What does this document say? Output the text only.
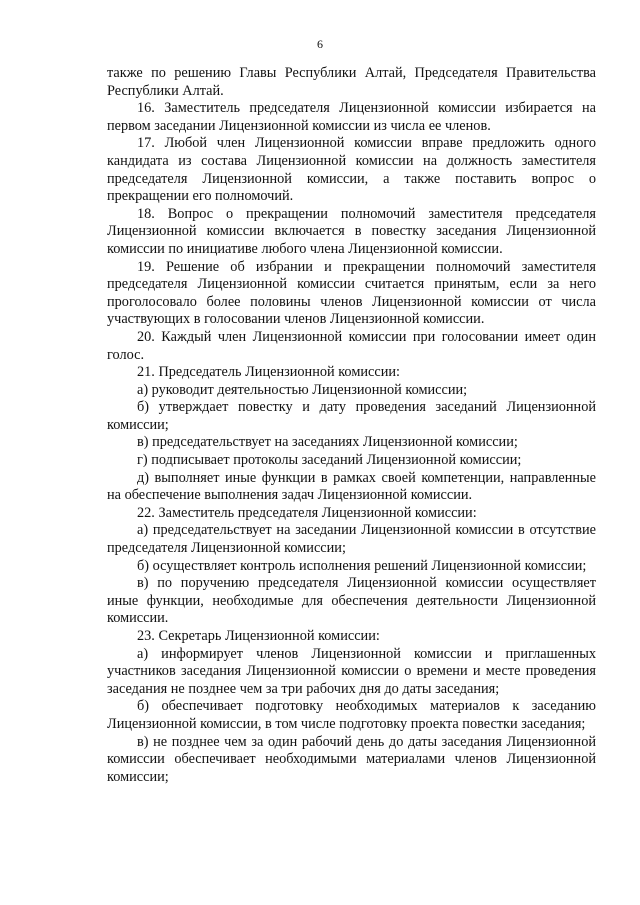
6

также по решению Главы Республики Алтай, Председателя Правительства Республики Алтай.

16. Заместитель председателя Лицензионной комиссии избирается на первом заседании Лицензионной комиссии из числа ее членов.

17. Любой член Лицензионной комиссии вправе предложить одного кандидата из состава Лицензионной комиссии на должность заместителя председателя Лицензионной комиссии, а также поставить вопрос о прекращении его полномочий.

18. Вопрос о прекращении полномочий заместителя председателя Лицензионной комиссии включается в повестку заседания Лицензионной комиссии по инициативе любого члена Лицензионной комиссии.

19. Решение об избрании и прекращении полномочий заместителя председателя Лицензионной комиссии считается принятым, если за него проголосовало более половины членов Лицензионной комиссии от числа участвующих в голосовании членов Лицензионной комиссии.

20. Каждый член Лицензионной комиссии при голосовании имеет один голос.

21. Председатель Лицензионной комиссии:

а) руководит деятельностью Лицензионной комиссии;

б) утверждает повестку и дату проведения заседаний Лицензионной комиссии;

в) председательствует на заседаниях Лицензионной комиссии;

г) подписывает протоколы заседаний Лицензионной комиссии;

д) выполняет иные функции в рамках своей компетенции, направленные на обеспечение выполнения задач Лицензионной комиссии.

22. Заместитель председателя Лицензионной комиссии:

а) председательствует на заседании Лицензионной комиссии в отсутствие председателя Лицензионной комиссии;

б) осуществляет контроль исполнения решений Лицензионной комиссии;

в) по поручению председателя Лицензионной комиссии осуществляет иные функции, необходимые для обеспечения деятельности Лицензионной комиссии.

23. Секретарь Лицензионной комиссии:

а) информирует членов Лицензионной комиссии и приглашенных участников заседания Лицензионной комиссии о времени и месте проведения заседания не позднее чем за три рабочих дня до даты заседания;

б) обеспечивает подготовку необходимых материалов к заседанию Лицензионной комиссии, в том числе подготовку проекта повестки заседания;

в) не позднее чем за один рабочий день до даты заседания Лицензионной комиссии обеспечивает необходимыми материалами членов Лицензионной комиссии;
